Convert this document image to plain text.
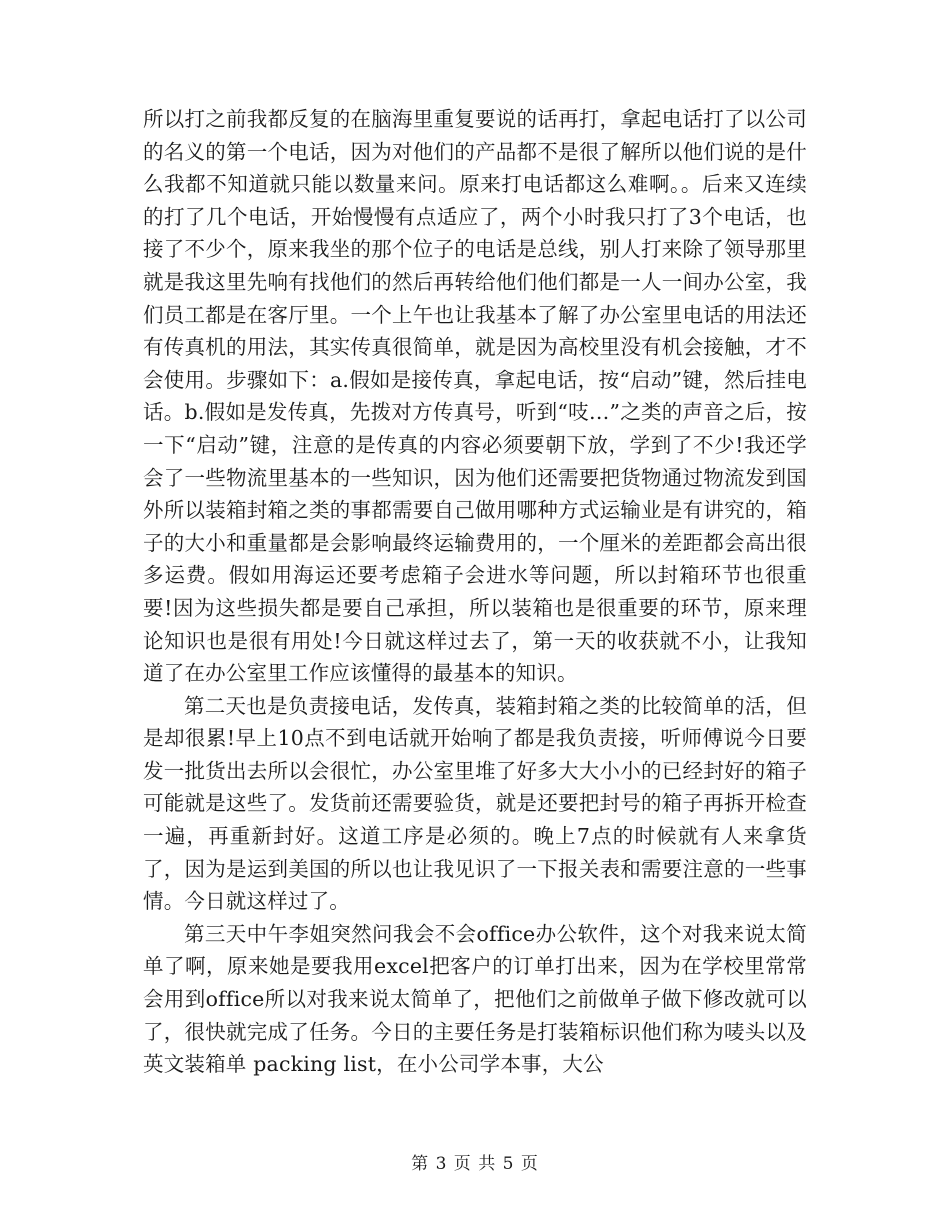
所以打之前我都反复的在脑海里重复要说的话再打，拿起电话打了以公司的名义的第一个电话，因为对他们的产品都不是很了解所以他们说的是什么我都不知道就只能以数量来问。原来打电话都这么难啊。。后来又连续的打了几个电话，开始慢慢有点适应了，两个小时我只打了3个电话，也接了不少个，原来我坐的那个位子的电话是总线，别人打来除了领导那里就是我这里先响有找他们的然后再转给他们他们都是一人一间办公室，我们员工都是在客厅里。一个上午也让我基本了解了办公室里电话的用法还有传真机的用法，其实传真很简单，就是因为高校里没有机会接触，才不会使用。步骤如下：a.假如是接传真，拿起电话，按“启动”键，然后挂电话。b.假如是发传真，先拨对方传真号，听到“吱…”之类的声音之后，按一下“启动”键，注意的是传真的内容必须要朝下放，学到了不少!我还学会了一些物流里基本的一些知识，因为他们还需要把货物通过物流发到国外所以装箱封箱之类的事都需要自己做用哪种方式运输业是有讲究的，箱子的大小和重量都是会影响最终运输费用的，一个厘米的差距都会高出很多运费。假如用海运还要考虑箱子会进水等问题，所以封箱环节也很重要!因为这些损失都是要自己承担，所以装箱也是很重要的环节，原来理论知识也是很有用处!今日就这样过去了，第一天的收获就不小，让我知道了在办公室里工作应该懂得的最基本的知识。

第二天也是负责接电话，发传真，装箱封箱之类的比较简单的活，但是却很累!早上10点不到电话就开始响了都是我负责接，听师傅说今日要发一批货出去所以会很忙，办公室里堆了好多大大小小的已经封好的箱子可能就是这些了。发货前还需要验货，就是还要把封号的箱子再拆开检查一遍，再重新封好。这道工序是必须的。晚上7点的时候就有人来拿货了，因为是运到美国的所以也让我见识了一下报关表和需要注意的一些事情。今日就这样过了。

第三天中午李姐突然问我会不会office办公软件，这个对我来说太简单了啊，原来她是要我用excel把客户的订单打出来，因为在学校里常常会用到office所以对我来说太简单了，把他们之前做单子做下修改就可以了，很快就完成了任务。今日的主要任务是打装箱标识他们称为唛头以及英文装箱单 packing list，在小公司学本事，大公

第 3 页 共 5 页
